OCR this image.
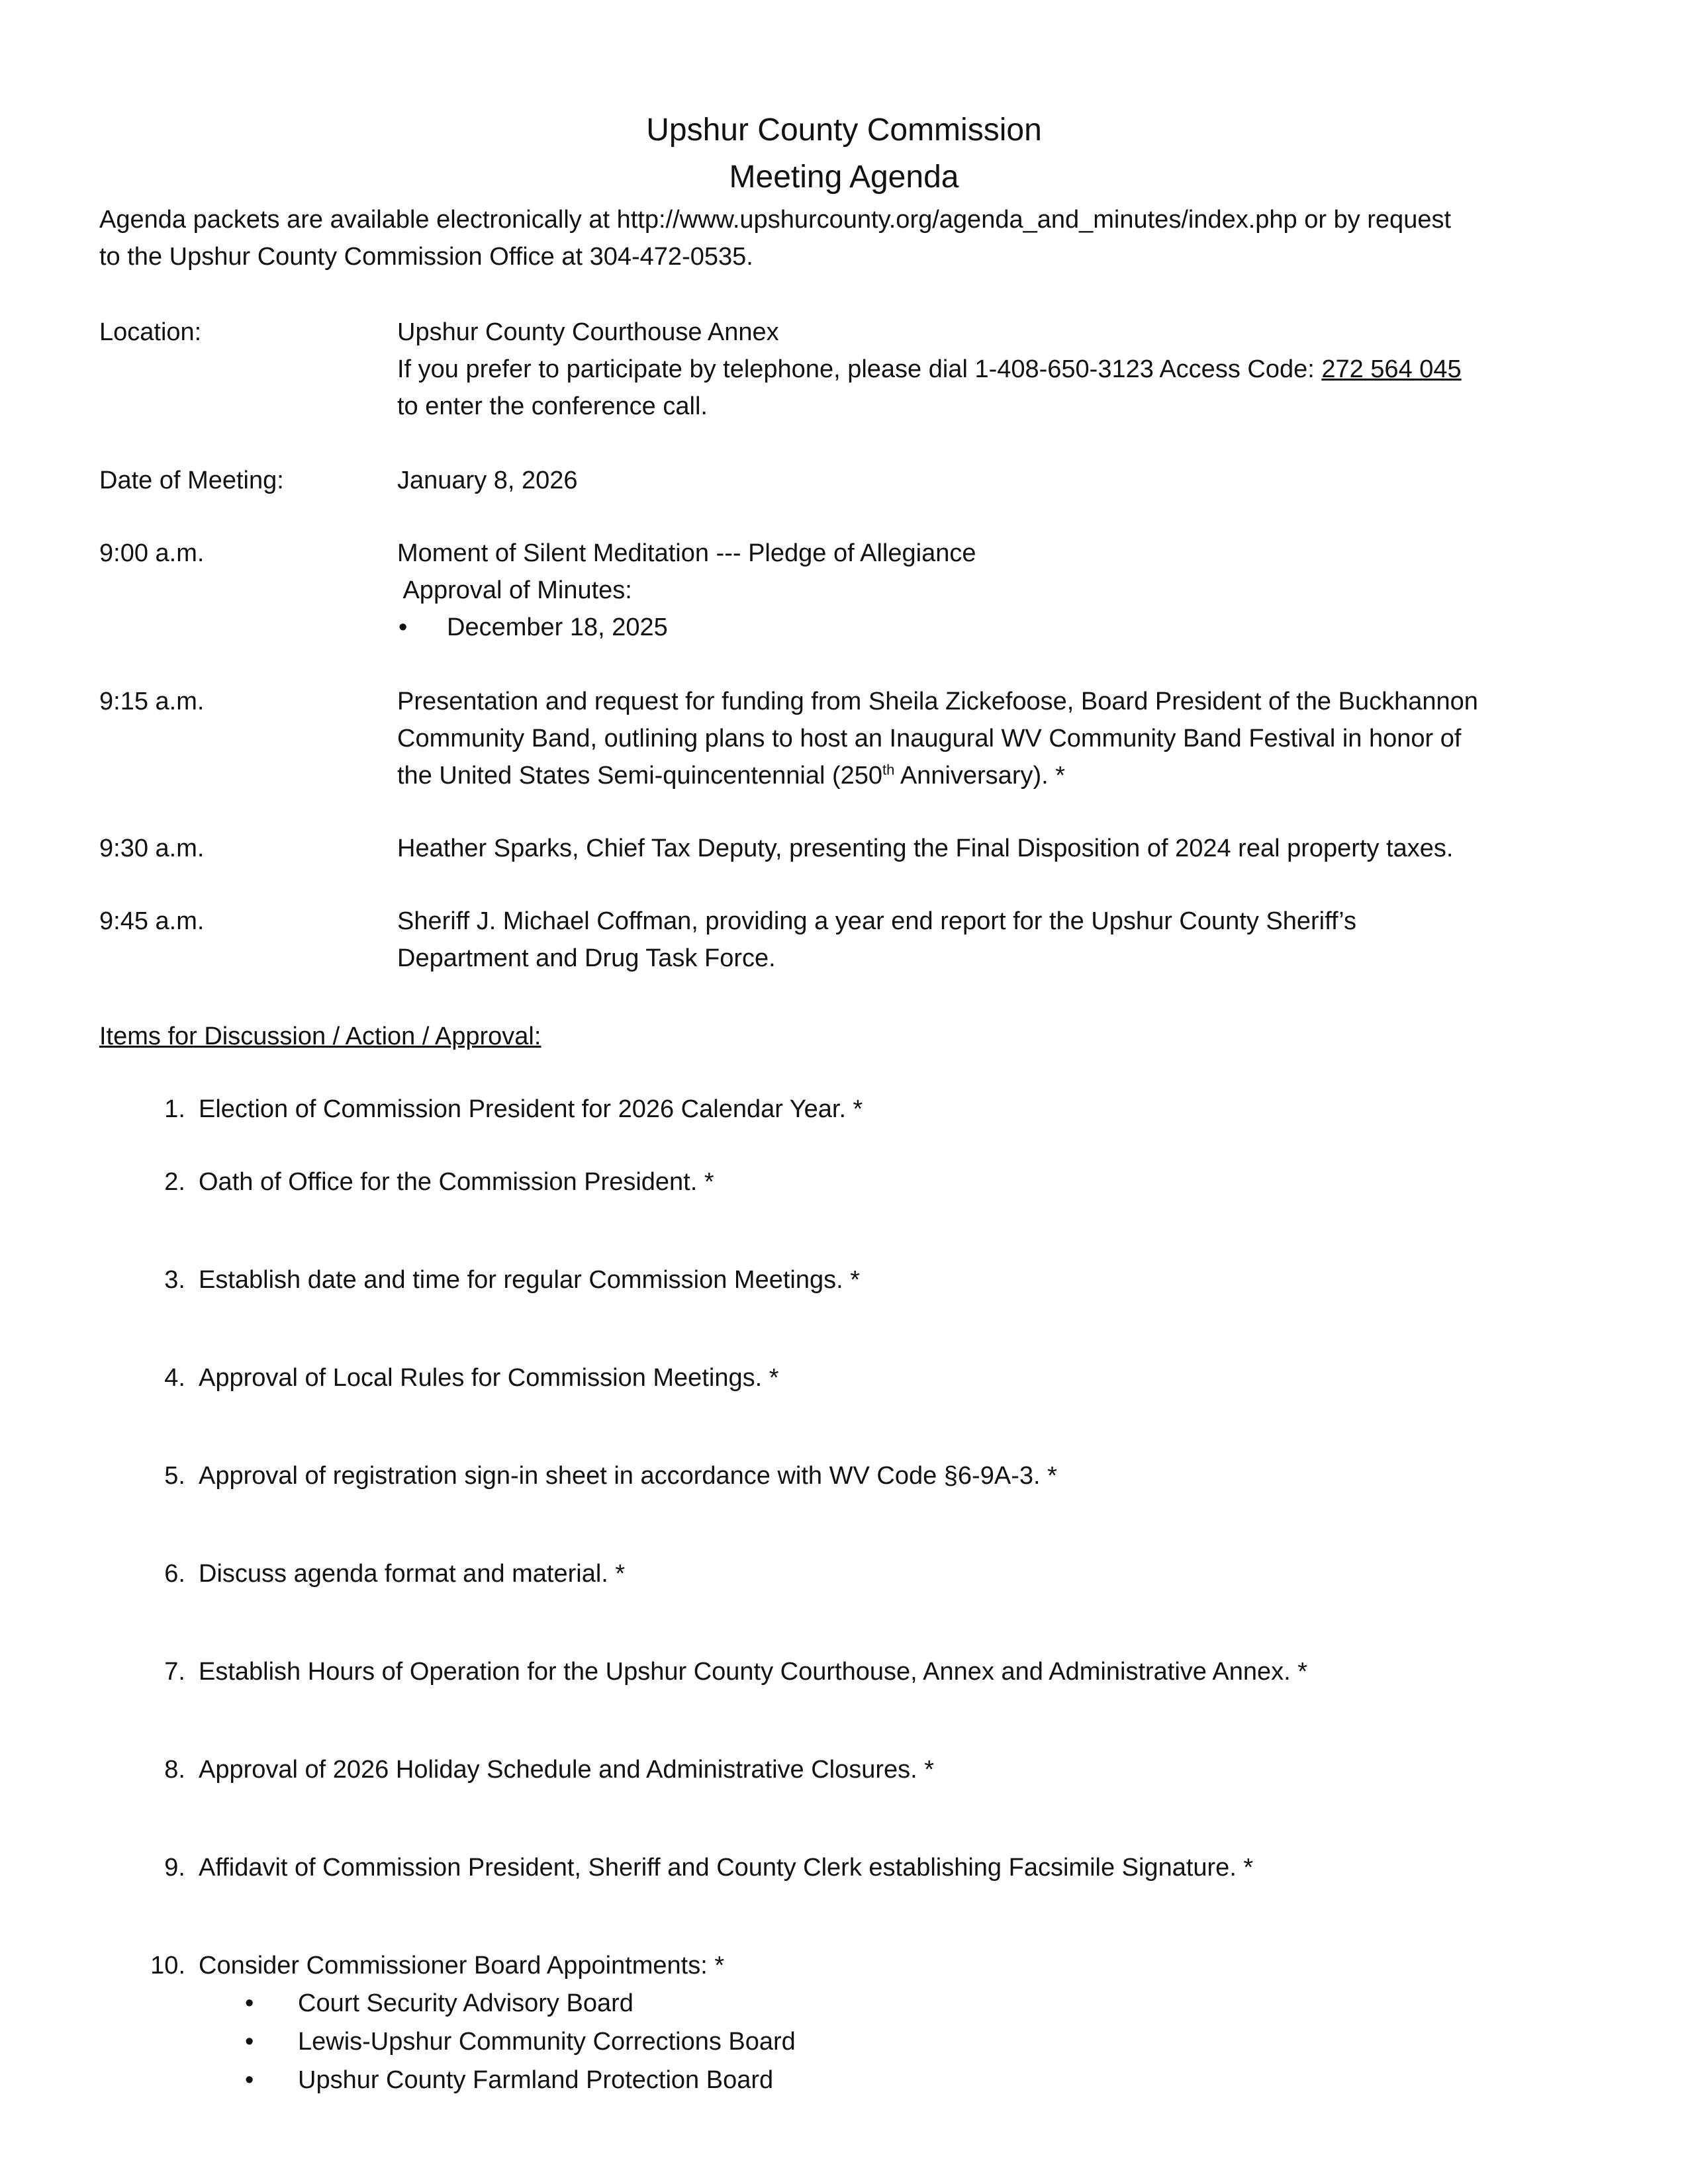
Upshur County Commission
Meeting Agenda
Agenda packets are available electronically at http://www.upshurcounty.org/agenda_and_minutes/index.php or by request
to the Upshur County Commission Office at 304-472-0535.
Location:	Upshur County Courthouse Annex
If you prefer to participate by telephone, please dial 1-408-650-3123 Access Code: 272 564 045
to enter the conference call.
Date of Meeting:	January 8, 2026
9:00 a.m.	Moment of Silent Meditation --- Pledge of Allegiance
Approval of Minutes:
• December 18, 2025
9:15 a.m.	Presentation and request for funding from Sheila Zickefoose, Board President of the Buckhannon
Community Band, outlining plans to host an Inaugural WV Community Band Festival in honor of
the United States Semi-quincentennial (250th Anniversary). *
9:30 a.m.	Heather Sparks, Chief Tax Deputy, presenting the Final Disposition of 2024 real property taxes.
9:45 a.m.	Sheriff J. Michael Coffman, providing a year end report for the Upshur County Sheriff’s
Department and Drug Task Force.
Items for Discussion / Action / Approval:
1. Election of Commission President for 2026 Calendar Year. *
2. Oath of Office for the Commission President. *
3. Establish date and time for regular Commission Meetings. *
4. Approval of Local Rules for Commission Meetings. *
5. Approval of registration sign-in sheet in accordance with WV Code §6-9A-3. *
6. Discuss agenda format and material. *
7. Establish Hours of Operation for the Upshur County Courthouse, Annex and Administrative Annex. *
8. Approval of 2026 Holiday Schedule and Administrative Closures. *
9. Affidavit of Commission President, Sheriff and County Clerk establishing Facsimile Signature. *
10. Consider Commissioner Board Appointments: *
• Court Security Advisory Board
• Lewis-Upshur Community Corrections Board
• Upshur County Farmland Protection Board
